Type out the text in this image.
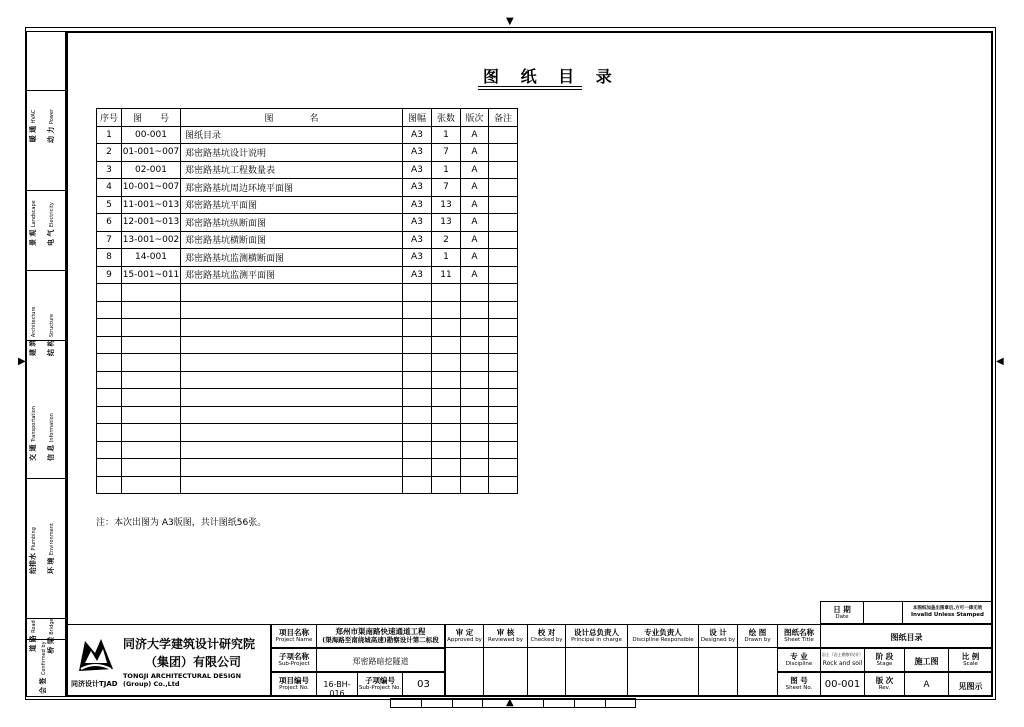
▼
▲
▶	◀
暖 通 HVAC
动 力 Power
景 观 Landscape
电 气 Electricity
建 筑 Architecture
结 构 Structure
交 通 Transportation
信 息 Information
给排水 Plumbing
环 境 Environment
道 路 Road
桥 梁 Bridge
会 签 Confirmed by
图 纸 目 录
序号	图　　号	图　　　　名	图幅	张数	版次	备注
1	00-001	图纸目录	A3	1	A	
2	01-001~007	郑密路基坑设计说明	A3	7	A	
3	02-001	郑密路基坑工程数量表	A3	1	A	
4	10-001~007	郑密路基坑周边环境平面图	A3	7	A	
5	11-001~013	郑密路基坑平面图	A3	13	A	
6	12-001~013	郑密路基坑纵断面图	A3	13	A	
7	13-001~002	郑密路基坑横断面图	A3	2	A	
8	14-001	郑密路基坑监测横断面图	A3	1	A	
9	15-001~011	郑密路基坑监测平面图	A3	11	A	

注：本次出图为 A3版图，共计图纸56张。
日 期
Date
本图纸加盖出图章后,方可一律无效
Invalid Unless Stamped
同济设计TJAD
同济大学建筑设计研究院
（集团）有限公司
TONGJI ARCHITECTURAL DESIGN (Group) Co.,Ltd
项目名称
Project Name
郑州市渠南路快速通道工程
(渠海路至南绕城高速)勘察设计第二标段
子项名称
Sub-Project	郑密路暗挖隧道
项目编号
Project No.	16-BH-016
子项编号
Sub-Project No.	03
审 定
Approved by
审 核
Reviewed by
校 对
Checked by
设计总负责人
Principal in charge
专业负责人
Discipline Responsible
设 计
Designed by
绘 图
Drawn by
图纸名称
Sheet Title	图纸目录
专 业
Discipline
岩土（岩土勘察/设计）
Rock and soil
阶 段
Stage	施工图
比 例
Scale
图 号
Sheet No.	00-001	版 次
Rev.	A	见图示
